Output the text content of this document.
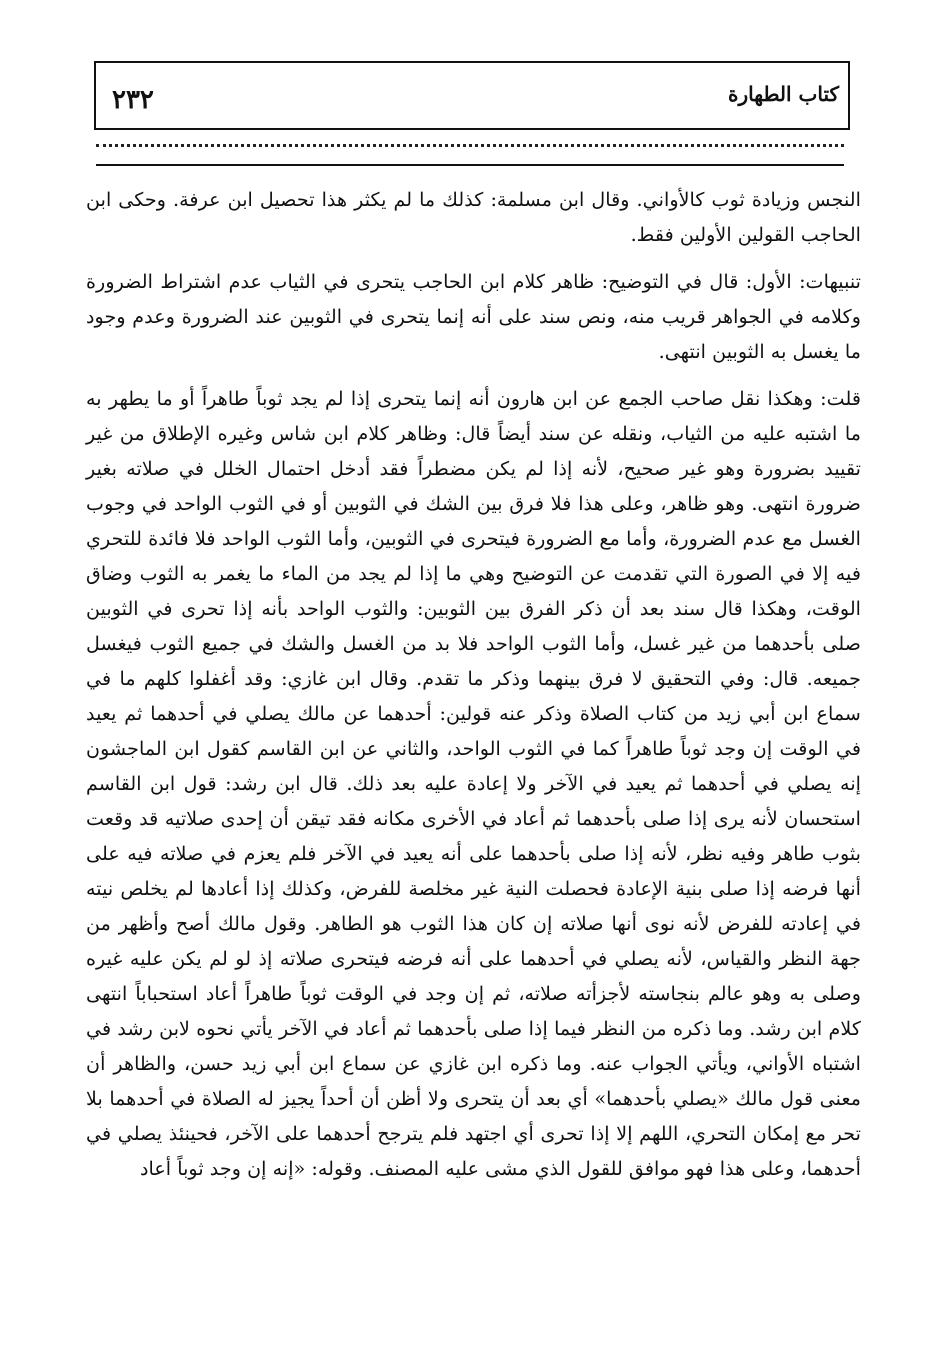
٢٣٢	كتاب الطهارة

النجس وزيادة ثوب كالأواني. وقال ابن مسلمة: كذلك ما لم يكثر هذا تحصيل ابن عرفة. وحكى ابن الحاجب القولين الأولين فقط.

تنبيهات: الأول: قال في التوضيح: ظاهر كلام ابن الحاجب يتحرى في الثياب عدم اشتراط الضرورة وكلامه في الجواهر قريب منه، ونص سند على أنه إنما يتحرى في الثوبين عند الضرورة وعدم وجود ما يغسل به الثوبين انتهى.

قلت: وهكذا نقل صاحب الجمع عن ابن هارون أنه إنما يتحرى إذا لم يجد ثوباً طاهراً أو ما يطهر به ما اشتبه عليه من الثياب، ونقله عن سند أيضاً قال: وظاهر كلام ابن شاس وغيره الإطلاق من غير تقييد بضرورة وهو غير صحيح، لأنه إذا لم يكن مضطراً فقد أدخل احتمال الخلل في صلاته بغير ضرورة انتهى. وهو ظاهر، وعلى هذا فلا فرق بين الشك في الثوبين أو في الثوب الواحد في وجوب الغسل مع عدم الضرورة، وأما مع الضرورة فيتحرى في الثوبين، وأما الثوب الواحد فلا فائدة للتحري فيه إلا في الصورة التي تقدمت عن التوضيح وهي ما إذا لم يجد من الماء ما يغمر به الثوب وضاق الوقت، وهكذا قال سند بعد أن ذكر الفرق بين الثوبين: والثوب الواحد بأنه إذا تحرى في الثوبين صلى بأحدهما من غير غسل، وأما الثوب الواحد فلا بد من الغسل والشك في جميع الثوب فيغسل جميعه. قال: وفي التحقيق لا فرق بينهما وذكر ما تقدم. وقال ابن غازي: وقد أغفلوا كلهم ما في سماع ابن أبي زيد من كتاب الصلاة وذكر عنه قولين: أحدهما عن مالك يصلي في أحدهما ثم يعيد في الوقت إن وجد ثوباً طاهراً كما في الثوب الواحد، والثاني عن ابن القاسم كقول ابن الماجشون إنه يصلي في أحدهما ثم يعيد في الآخر ولا إعادة عليه بعد ذلك. قال ابن رشد: قول ابن القاسم استحسان لأنه يرى إذا صلى بأحدهما ثم أعاد في الأخرى مكانه فقد تيقن أن إحدى صلاتيه قد وقعت بثوب طاهر وفيه نظر، لأنه إذا صلى بأحدهما على أنه يعيد في الآخر فلم يعزم في صلاته فيه على أنها فرضه إذا صلى بنية الإعادة فحصلت النية غير مخلصة للفرض، وكذلك إذا أعادها لم يخلص نيته في إعادته للفرض لأنه نوى أنها صلاته إن كان هذا الثوب هو الطاهر. وقول مالك أصح وأظهر من جهة النظر والقياس، لأنه يصلي في أحدهما على أنه فرضه فيتحرى صلاته إذ لو لم يكن عليه غيره وصلى به وهو عالم بنجاسته لأجزأته صلاته، ثم إن وجد في الوقت ثوباً طاهراً أعاد استحباباً انتهى كلام ابن رشد. وما ذكره من النظر فيما إذا صلى بأحدهما ثم أعاد في الآخر يأتي نحوه لابن رشد في اشتباه الأواني، ويأتي الجواب عنه. وما ذكره ابن غازي عن سماع ابن أبي زيد حسن، والظاهر أن معنى قول مالك «يصلي بأحدهما» أي بعد أن يتحرى ولا أظن أن أحداً يجيز له الصلاة في أحدهما بلا تحر مع إمكان التحري، اللهم إلا إذا تحرى أي اجتهد فلم يترجح أحدهما على الآخر، فحينئذ يصلي في أحدهما، وعلى هذا فهو موافق للقول الذي مشى عليه المصنف. وقوله: «إنه إن وجد ثوباً أعاد
